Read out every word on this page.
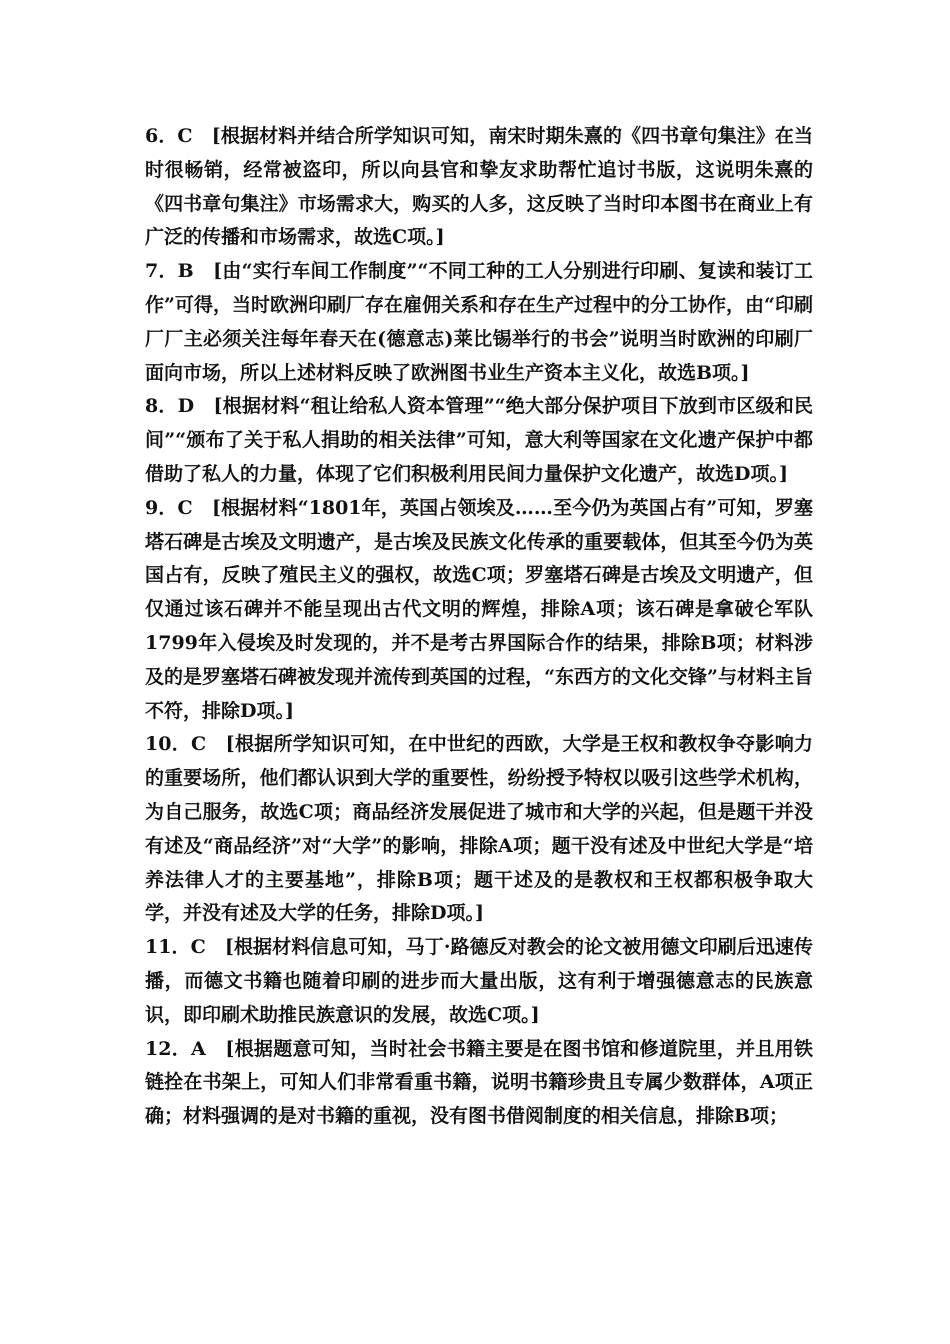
6．C　[根据材料并结合所学知识可知，南宋时期朱熹的《四书章句集注》在当时很畅销，经常被盗印，所以向县官和挚友求助帮忙追讨书版，这说明朱熹的《四书章句集注》市场需求大，购买的人多，这反映了当时印本图书在商业上有广泛的传播和市场需求，故选C项。]

7．B　[由“实行车间工作制度”“不同工种的工人分别进行印刷、复读和装订工作”可得，当时欧洲印刷厂存在雇佣关系和存在生产过程中的分工协作，由“印刷厂厂主必须关注每年春天在(德意志)莱比锡举行的书会”说明当时欧洲的印刷厂面向市场，所以上述材料反映了欧洲图书业生产资本主义化，故选B项。]

8．D　[根据材料“租让给私人资本管理”“绝大部分保护项目下放到市区级和民间”“颁布了关于私人捐助的相关法律”可知，意大利等国家在文化遗产保护中都借助了私人的力量，体现了它们积极利用民间力量保护文化遗产，故选D项。]

9．C　[根据材料“1801年，英国占领埃及……至今仍为英国占有”可知，罗塞塔石碑是古埃及文明遗产，是古埃及民族文化传承的重要载体，但其至今仍为英国占有，反映了殖民主义的强权，故选C项；罗塞塔石碑是古埃及文明遗产，但仅通过该石碑并不能呈现出古代文明的辉煌，排除A项；该石碑是拿破仑军队1799年入侵埃及时发现的，并不是考古界国际合作的结果，排除B项；材料涉及的是罗塞塔石碑被发现并流传到英国的过程，“东西方的文化交锋”与材料主旨不符，排除D项。]

10．C　[根据所学知识可知，在中世纪的西欧，大学是王权和教权争夺影响力的重要场所，他们都认识到大学的重要性，纷纷授予特权以吸引这些学术机构，为自己服务，故选C项；商品经济发展促进了城市和大学的兴起，但是题干并没有述及“商品经济”对“大学”的影响，排除A项；题干没有述及中世纪大学是“培养法律人才的主要基地”，排除B项；题干述及的是教权和王权都积极争取大学，并没有述及大学的任务，排除D项。]

11．C　[根据材料信息可知，马丁·路德反对教会的论文被用德文印刷后迅速传播，而德文书籍也随着印刷的进步而大量出版，这有利于增强德意志的民族意识，即印刷术助推民族意识的发展，故选C项。]

12．A　[根据题意可知，当时社会书籍主要是在图书馆和修道院里，并且用铁链拴在书架上，可知人们非常看重书籍，说明书籍珍贵且专属少数群体，A项正确；材料强调的是对书籍的重视，没有图书借阅制度的相关信息，排除B项；
